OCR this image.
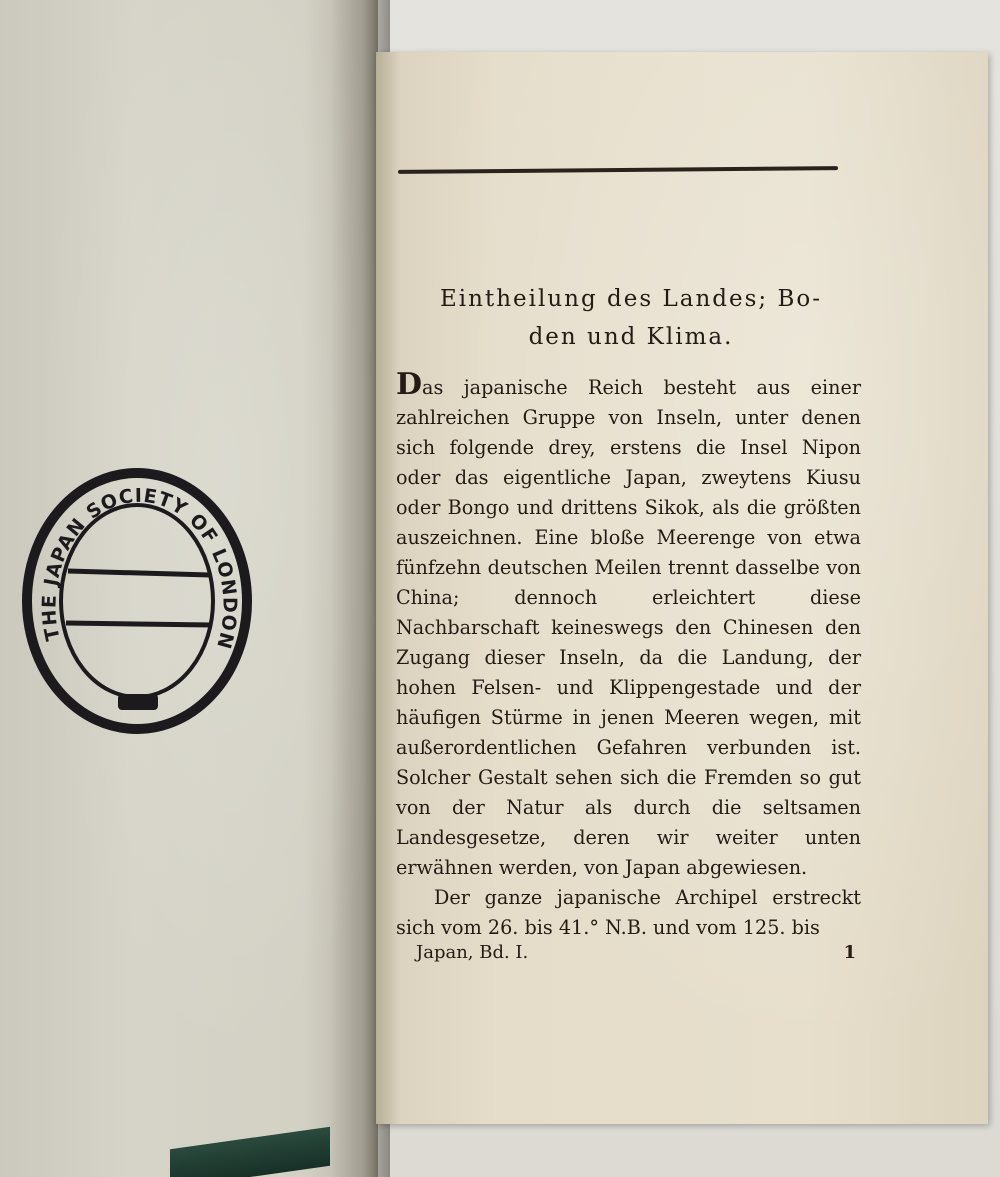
THE JAPAN SOCIETY OF LONDON
Eintheilung des Landes; Bo-
den und Klima.

Das japanische Reich besteht aus einer zahlreichen Gruppe von Inseln, unter denen sich folgende drey, erstens die Insel Nipon oder das eigentliche Japan, zweytens Kiusu oder Bongo und drittens Sikok, als die größten auszeichnen. Eine bloße Meerenge von etwa fünfzehn deutschen Meilen trennt dasselbe von China; dennoch erleichtert diese Nachbarschaft keineswegs den Chinesen den Zugang dieser Inseln, da die Landung, der hohen Felsen- und Klippengestade und der häufigen Stürme in jenen Meeren wegen, mit außerordentlichen Gefahren verbunden ist. Solcher Gestalt sehen sich die Fremden so gut von der Natur als durch die seltsamen Landesgesetze, deren wir weiter unten erwähnen werden, von Japan abgewiesen.

Der ganze japanische Archipel erstreckt sich vom 26. bis 41.° N.B. und vom 125. bis

Japan, Bd. I.	1
